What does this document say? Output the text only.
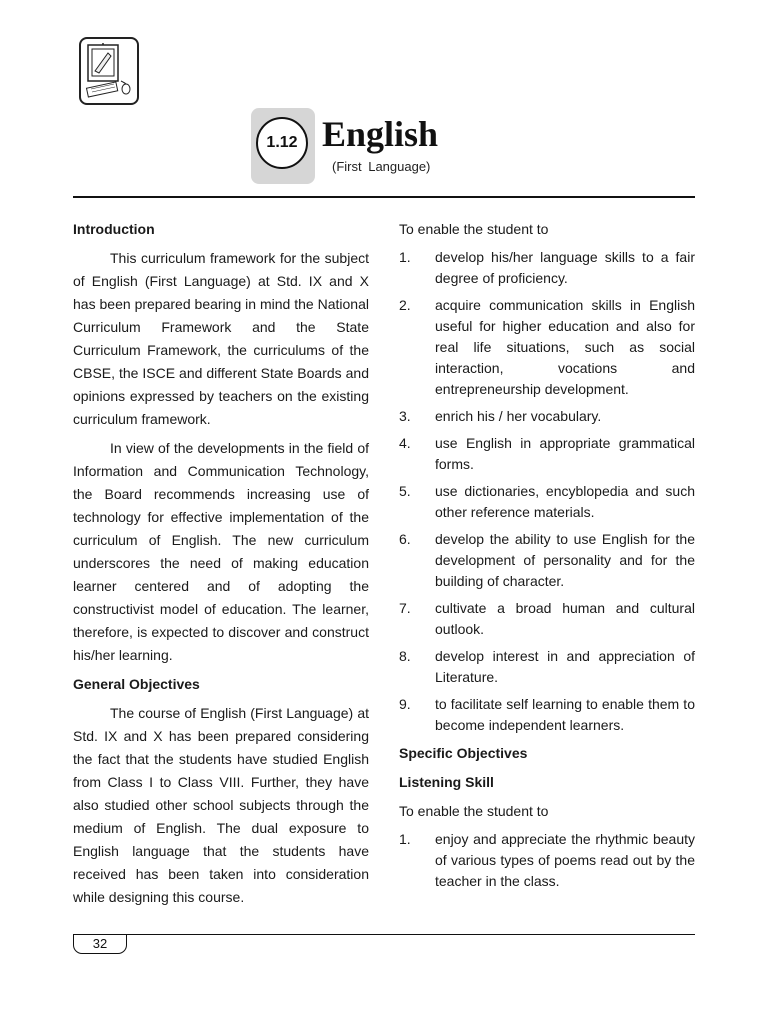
1.12 English
(First Language)
Introduction

This curriculum framework for the subject of English (First Language) at Std. IX and X has been prepared bearing in mind the National Curriculum Framework and the State Curriculum Framework, the curriculums of the CBSE, the ISCE and different State Boards and opinions expressed by teachers on the existing curriculum framework.

In view of the developments in the field of Information and Communication Technology, the Board recommends increasing use of technology for effective implementation of the curriculum of English. The new curriculum underscores the need of making education learner centered and of adopting the constructivist model of education. The learner, therefore, is expected to discover and construct his/her learning.

General Objectives

The course of English (First Language) at Std. IX and X has been prepared considering the fact that the students have studied English from Class I to Class VIII. Further, they have also studied other school subjects through the medium of English. The dual exposure to English language that the students have received has been taken into consideration while designing this course.

To enable the student to
1. develop his/her language skills to a fair degree of proficiency.
2. acquire communication skills in English useful for higher education and also for real life situations, such as social interaction, vocations and entrepreneurship development.
3. enrich his / her vocabulary.
4. use English in appropriate grammatical forms.
5. use dictionaries, encyblopedia and such other reference materials.
6. develop the ability to use English for the development of personality and for the building of character.
7. cultivate a broad human and cultural outlook.
8. develop interest in and appreciation of Literature.
9. to facilitate self learning to enable them to become independent learners.
Specific Objectives
Listening Skill
To enable the student to
1. enjoy and appreciate the rhythmic beauty of various types of poems read out by the teacher in the class.
32
